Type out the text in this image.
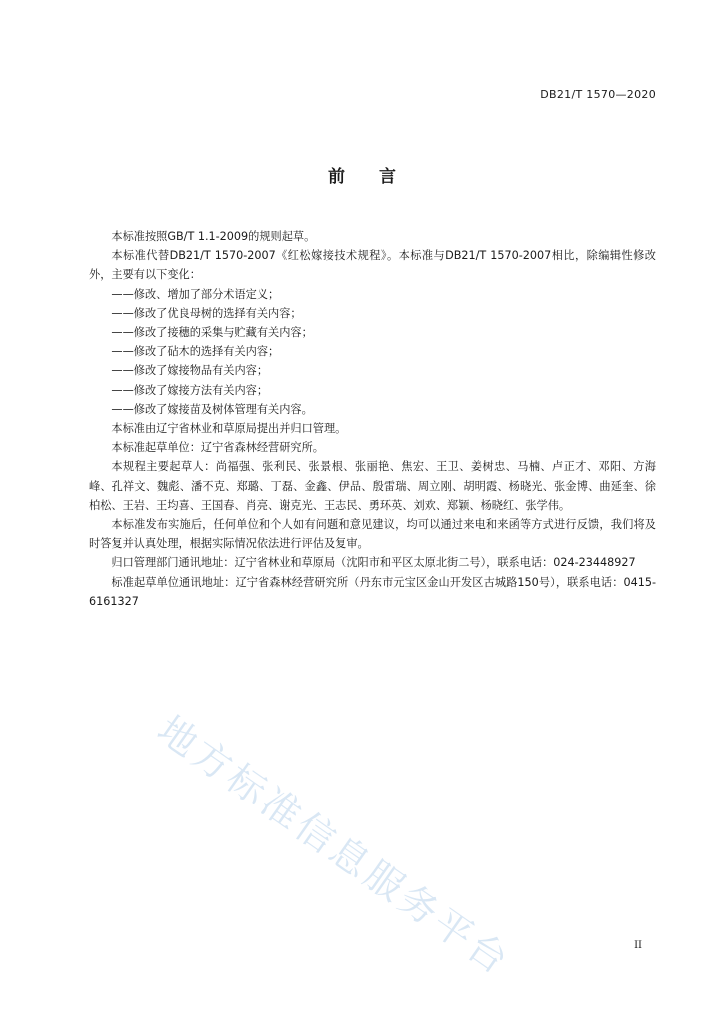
DB21/T 1570—2020
前言

本标准按照GB/T 1.1-2009的规则起草。

本标准代替DB21/T 1570-2007《红松嫁接技术规程》。本标准与DB21/T 1570-2007相比，除编辑性修改外，主要有以下变化：

——修改、增加了部分术语定义；

——修改了优良母树的选择有关内容；

——修改了接穗的采集与贮藏有关内容；

——修改了砧木的选择有关内容；

——修改了嫁接物品有关内容；

——修改了嫁接方法有关内容；

——修改了嫁接苗及树体管理有关内容。

本标准由辽宁省林业和草原局提出并归口管理。

本标准起草单位：辽宁省森林经营研究所。

本规程主要起草人：尚福强、张利民、张景根、张丽艳、焦宏、王卫、姜树忠、马楠、卢正才、邓阳、方海峰、孔祥文、魏彪、潘不克、郑璐、丁磊、金鑫、伊品、殷雷瑞、周立刚、胡明霞、杨晓光、张金博、曲延奎、徐柏松、王岩、王均喜、王国春、肖亮、谢克光、王志民、勇环英、刘欢、郑颖、杨晓红、张学伟。

本标准发布实施后，任何单位和个人如有问题和意见建议，均可以通过来电和来函等方式进行反馈，我们将及时答复并认真处理，根据实际情况依法进行评估及复审。

归口管理部门通讯地址：辽宁省林业和草原局（沈阳市和平区太原北街二号），联系电话：024-23448927

标准起草单位通讯地址：辽宁省森林经营研究所（丹东市元宝区金山开发区古城路150号），联系电话：0415-6161327

地方标准信息服务平台	II
